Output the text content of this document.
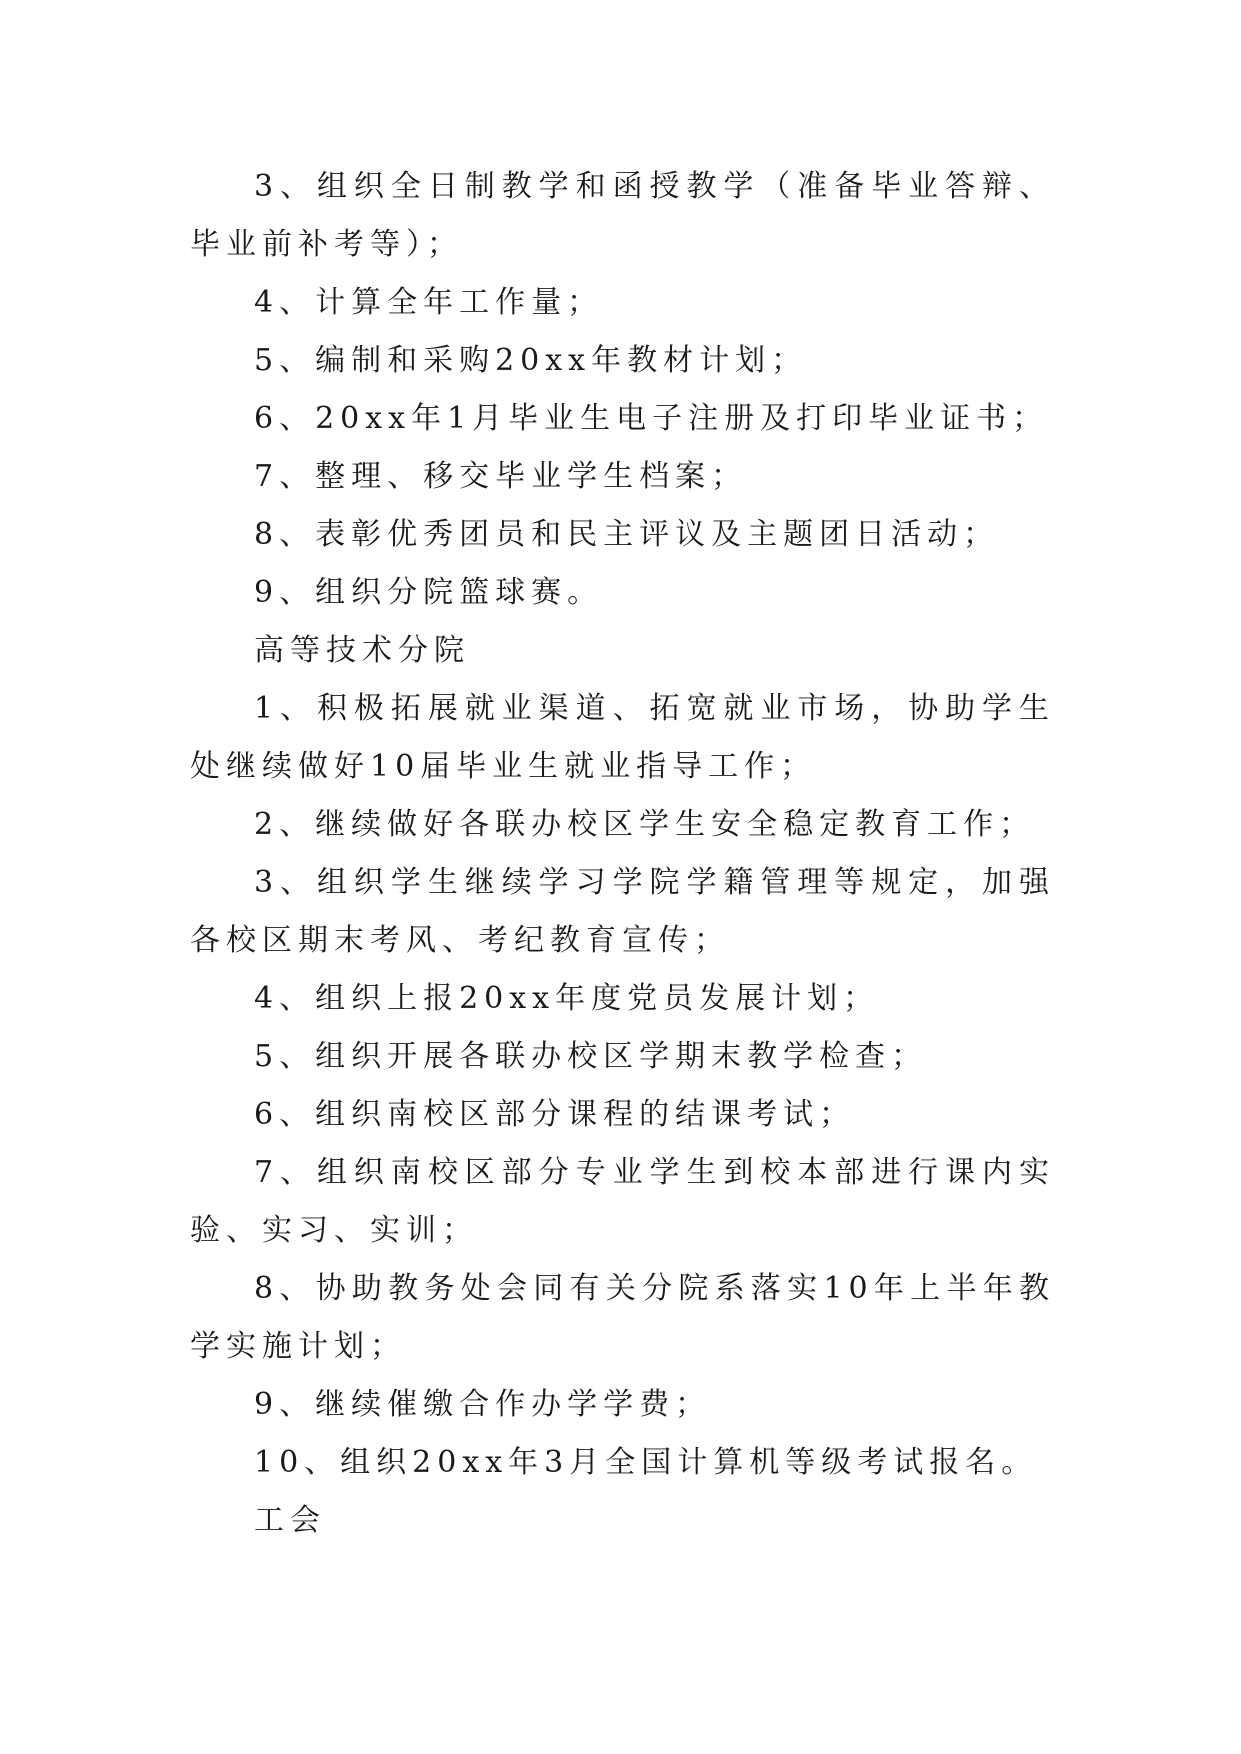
3、组织全日制教学和函授教学（准备毕业答辩、毕业前补考等）；

4、计算全年工作量；

5、编制和采购20xx年教材计划；

6、20xx年1月毕业生电子注册及打印毕业证书；

7、整理、移交毕业学生档案；

8、表彰优秀团员和民主评议及主题团日活动；

9、组织分院篮球赛。

高等技术分院

1、积极拓展就业渠道、拓宽就业市场，协助学生处继续做好10届毕业生就业指导工作；

2、继续做好各联办校区学生安全稳定教育工作；

3、组织学生继续学习学院学籍管理等规定，加强各校区期末考风、考纪教育宣传；

4、组织上报20xx年度党员发展计划；

5、组织开展各联办校区学期末教学检查；

6、组织南校区部分课程的结课考试；

7、组织南校区部分专业学生到校本部进行课内实验、实习、实训；

8、协助教务处会同有关分院系落实10年上半年教学实施计划；

9、继续催缴合作办学学费；

10、组织20xx年3月全国计算机等级考试报名。

工会
